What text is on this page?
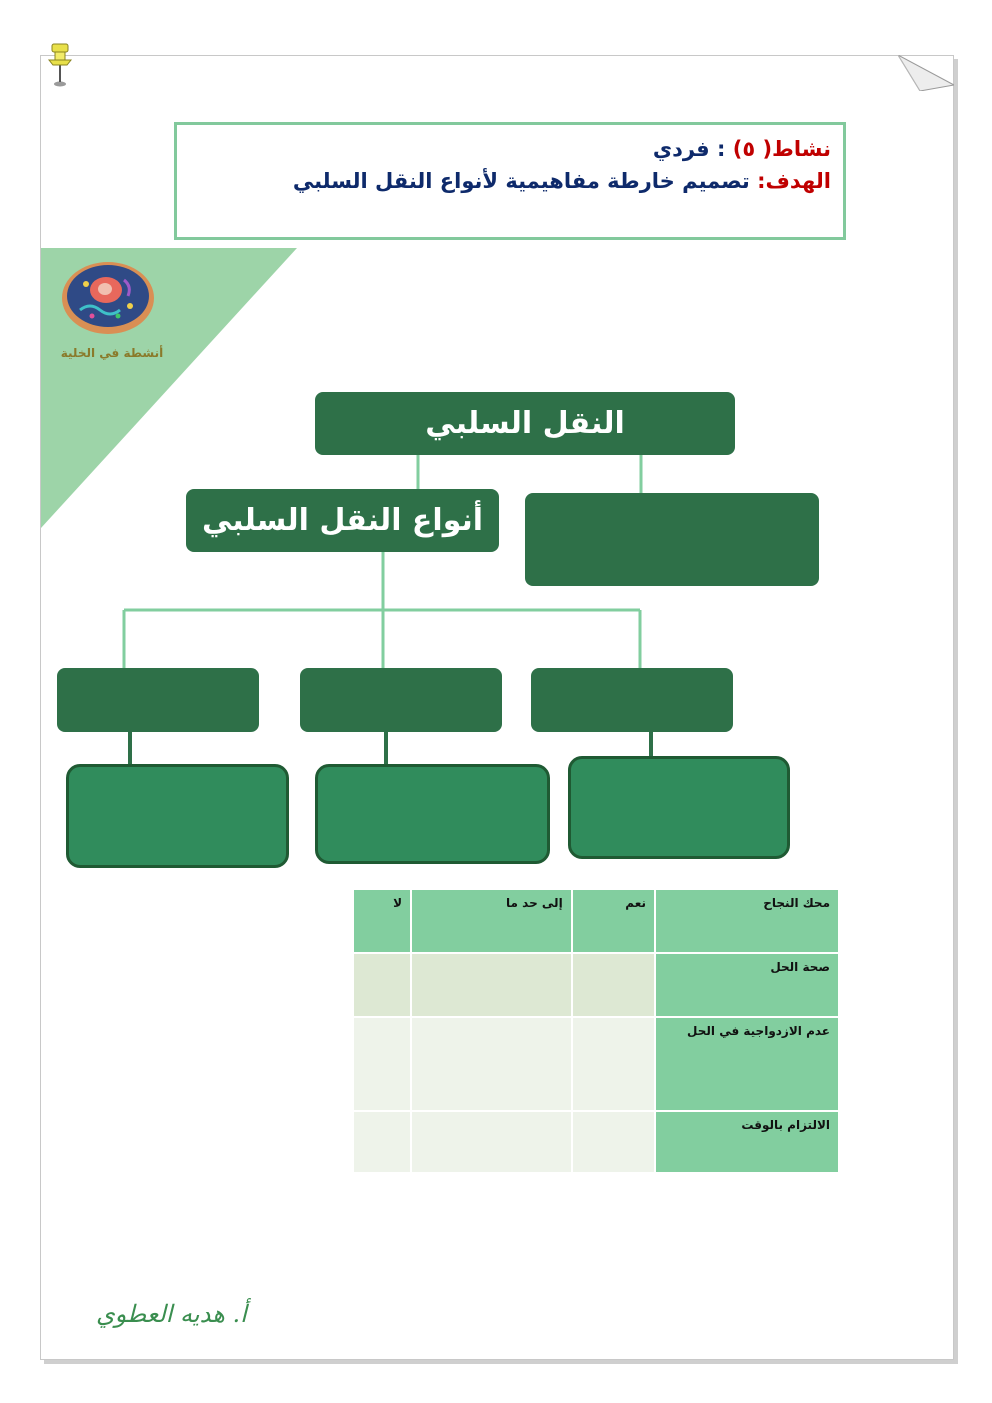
نشاط( ٥) : فردي
الهدف: تصميم خارطة مفاهيمية لأنواع النقل السلبي
أنشطة في الخلية
النقل السلبي
أنواع النقل السلبي
محك النجاح	نعم	إلى حد ما	لا
صحة الحل			
عدم الازدواجية في الحل			
الالتزام بالوقت			
أ. هديه العطوي
